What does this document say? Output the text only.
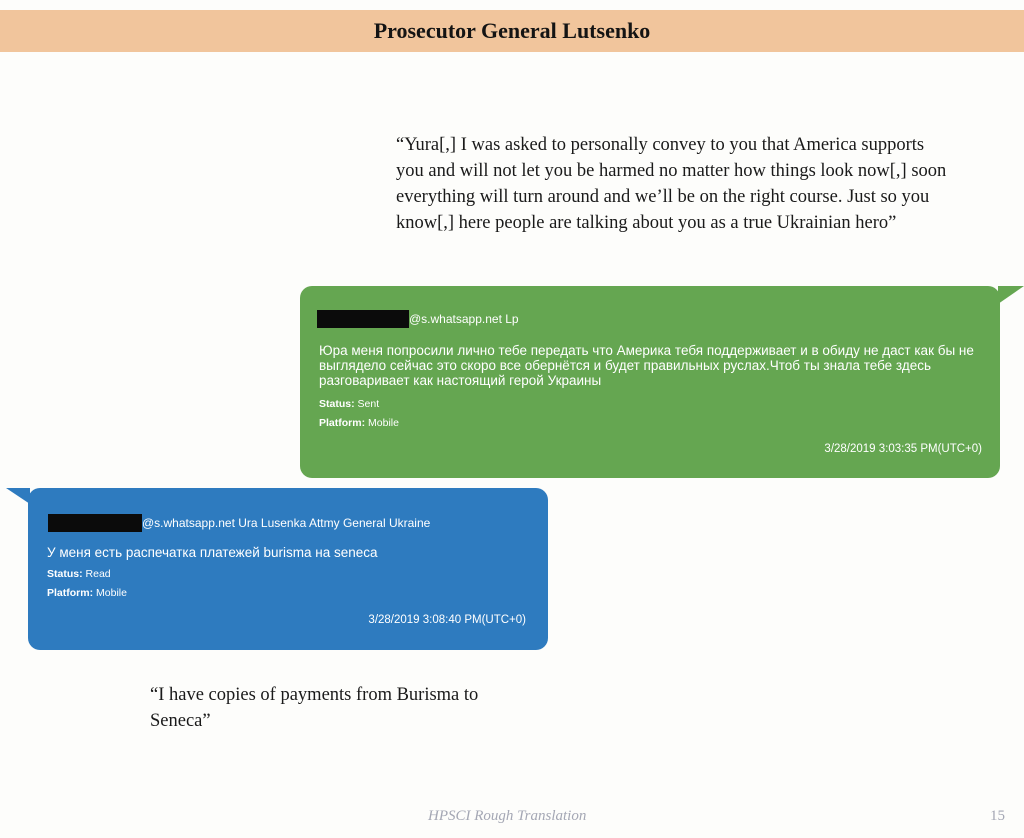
Prosecutor General Lutsenko

“Yura[,] I was asked to personally convey to you that America supports you and will not let you be harmed no matter how things look now[,] soon everything will turn around and we’ll be on the right course. Just so you know[,] here people are talking about you as a true Ukrainian hero”

@s.whatsapp.net Lp
Юра меня попросили лично тебе передать что Америка тебя поддерживает и в обиду не даст как бы не выглядело сейчас это скоро все обернётся и будет правильных руслах.Чтоб ты знала тебе здесь разговаривает как настоящий герой Украины
Status: Sent
Platform: Mobile
3/28/2019 3:03:35 PM(UTC+0)
@s.whatsapp.net Ura Lusenka Attmy General Ukraine
У меня есть распечатка платежей burisma на seneca
Status: Read
Platform: Mobile
3/28/2019 3:08:40 PM(UTC+0)

“I have copies of payments from Burisma to Seneca”

HPSCI Rough Translation	15
